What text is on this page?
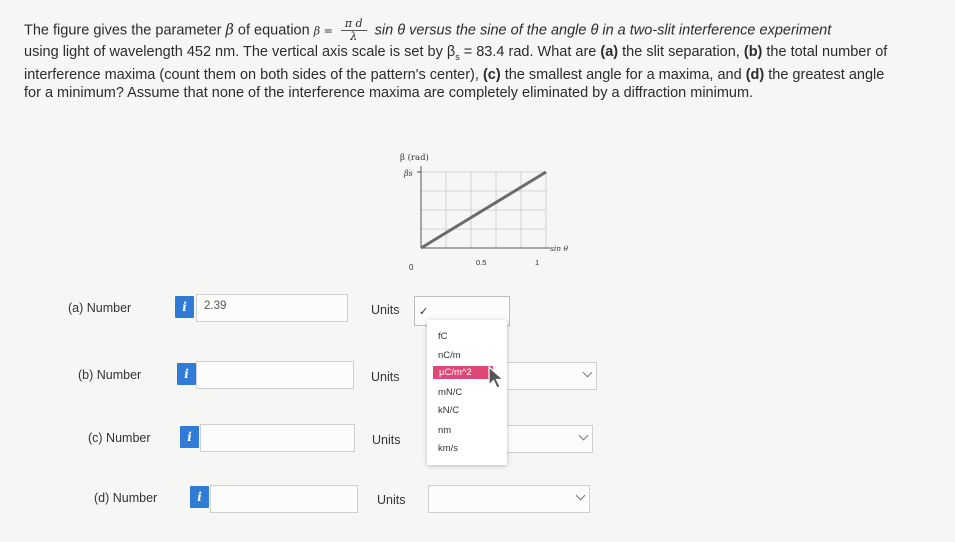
The figure gives the parameter β of equation $\beta = \frac{\text{π d}}{\lambda}$ sin θ versus the sine of the angle θ in a two-slit interference experiment
using light of wavelength 452 nm. The vertical axis scale is set by $\beta_s = 83.4$ rad. What are (a) the slit separation, (b) the total number of
interference maxima (count them on both sides of the pattern's center), (c) the smallest angle for a maxima, and (d) the greatest angle
for a minimum? Assume that none of the interference maxima are completely eliminated by a diffraction minimum.
β (rad)
βs
0
0.5	1
sin θ
(a) Number	i	2.39	Units ✓
(b) Number	i	Units
(c) Number	i	Units
(d) Number	i	Units
fC
nC/m
µC/m^2
mN/C
kN/C
nm
km/s
